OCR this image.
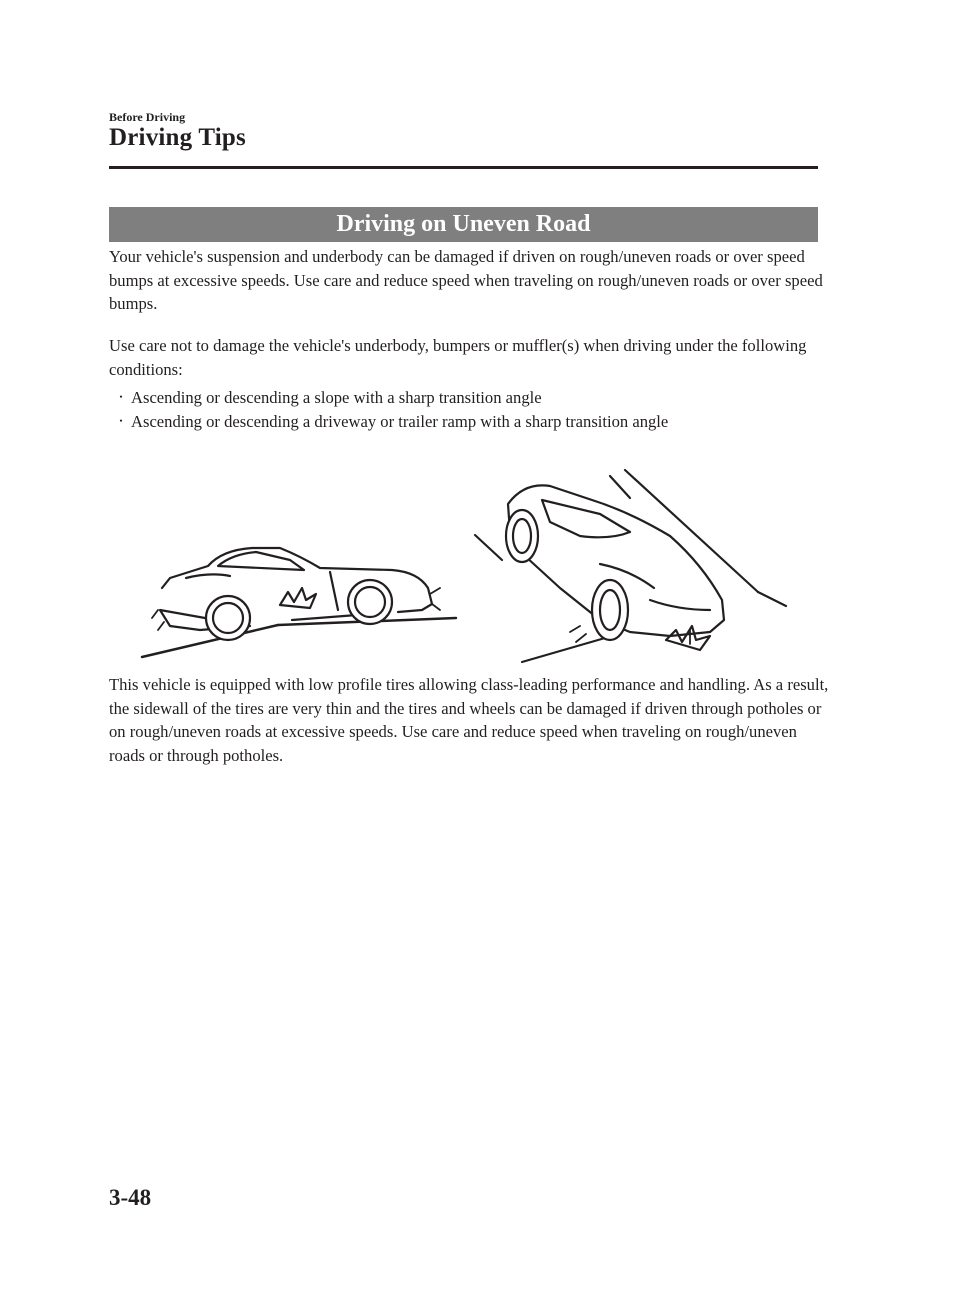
Before Driving
Driving Tips
Driving on Uneven Road

Your vehicle's suspension and underbody can be damaged if driven on rough/uneven roads or over speed bumps at excessive speeds. Use care and reduce speed when traveling on rough/uneven roads or over speed bumps.

Use care not to damage the vehicle's underbody, bumpers or muffler(s) when driving under the following conditions:

・ Ascending or descending a slope with a sharp transition angle
・ Ascending or descending a driveway or trailer ramp with a sharp transition angle

This vehicle is equipped with low profile tires allowing class-leading performance and handling. As a result, the sidewall of the tires are very thin and the tires and wheels can be damaged if driven through potholes or on rough/uneven roads at excessive speeds. Use care and reduce speed when traveling on rough/uneven roads or through potholes.

3-48
